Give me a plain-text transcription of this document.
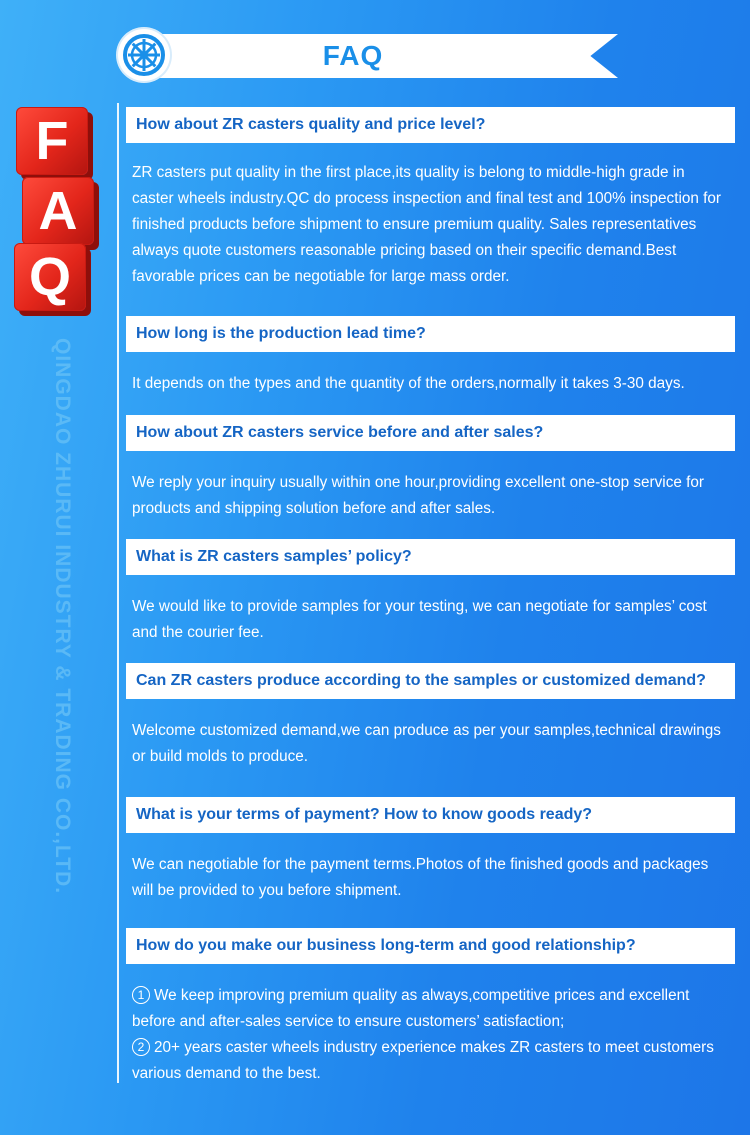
FAQ
F
A
Q
QINGDAO ZHURUI INDUSTRY & TRADING CO.,LTD.
How about ZR casters quality and price level?

ZR casters put quality in the first place,its quality is belong to middle-high grade in caster wheels industry.QC do process inspection and final test and 100% inspection for finished products before shipment to ensure premium quality. Sales representatives always quote customers reasonable pricing based on their specific demand.Best favorable prices can be negotiable for large mass order.

How long is the production lead time?

It depends on the types and the quantity of the orders,normally it takes 3-30 days.

How about ZR casters service before and after sales?

We reply your inquiry usually within one hour,providing excellent one-stop service for products and shipping solution before and after sales.

What is ZR casters samples’ policy?

We would like to provide samples for your testing, we can negotiate for samples’ cost and the courier fee.

Can ZR casters produce according to the samples or customized demand?

Welcome customized demand,we can produce as per your samples,technical drawings or build molds to produce.

What is your terms of payment? How to know goods ready?

We can negotiable for the payment terms.Photos of the finished goods and packages will be provided to you before shipment.

How do you make our business long-term and good relationship?

1 We keep improving premium quality as always,competitive prices and excellent before and after-sales service to ensure customers’ satisfaction;

2 20+ years caster wheels industry experience makes ZR casters to meet customers various demand to the best.
